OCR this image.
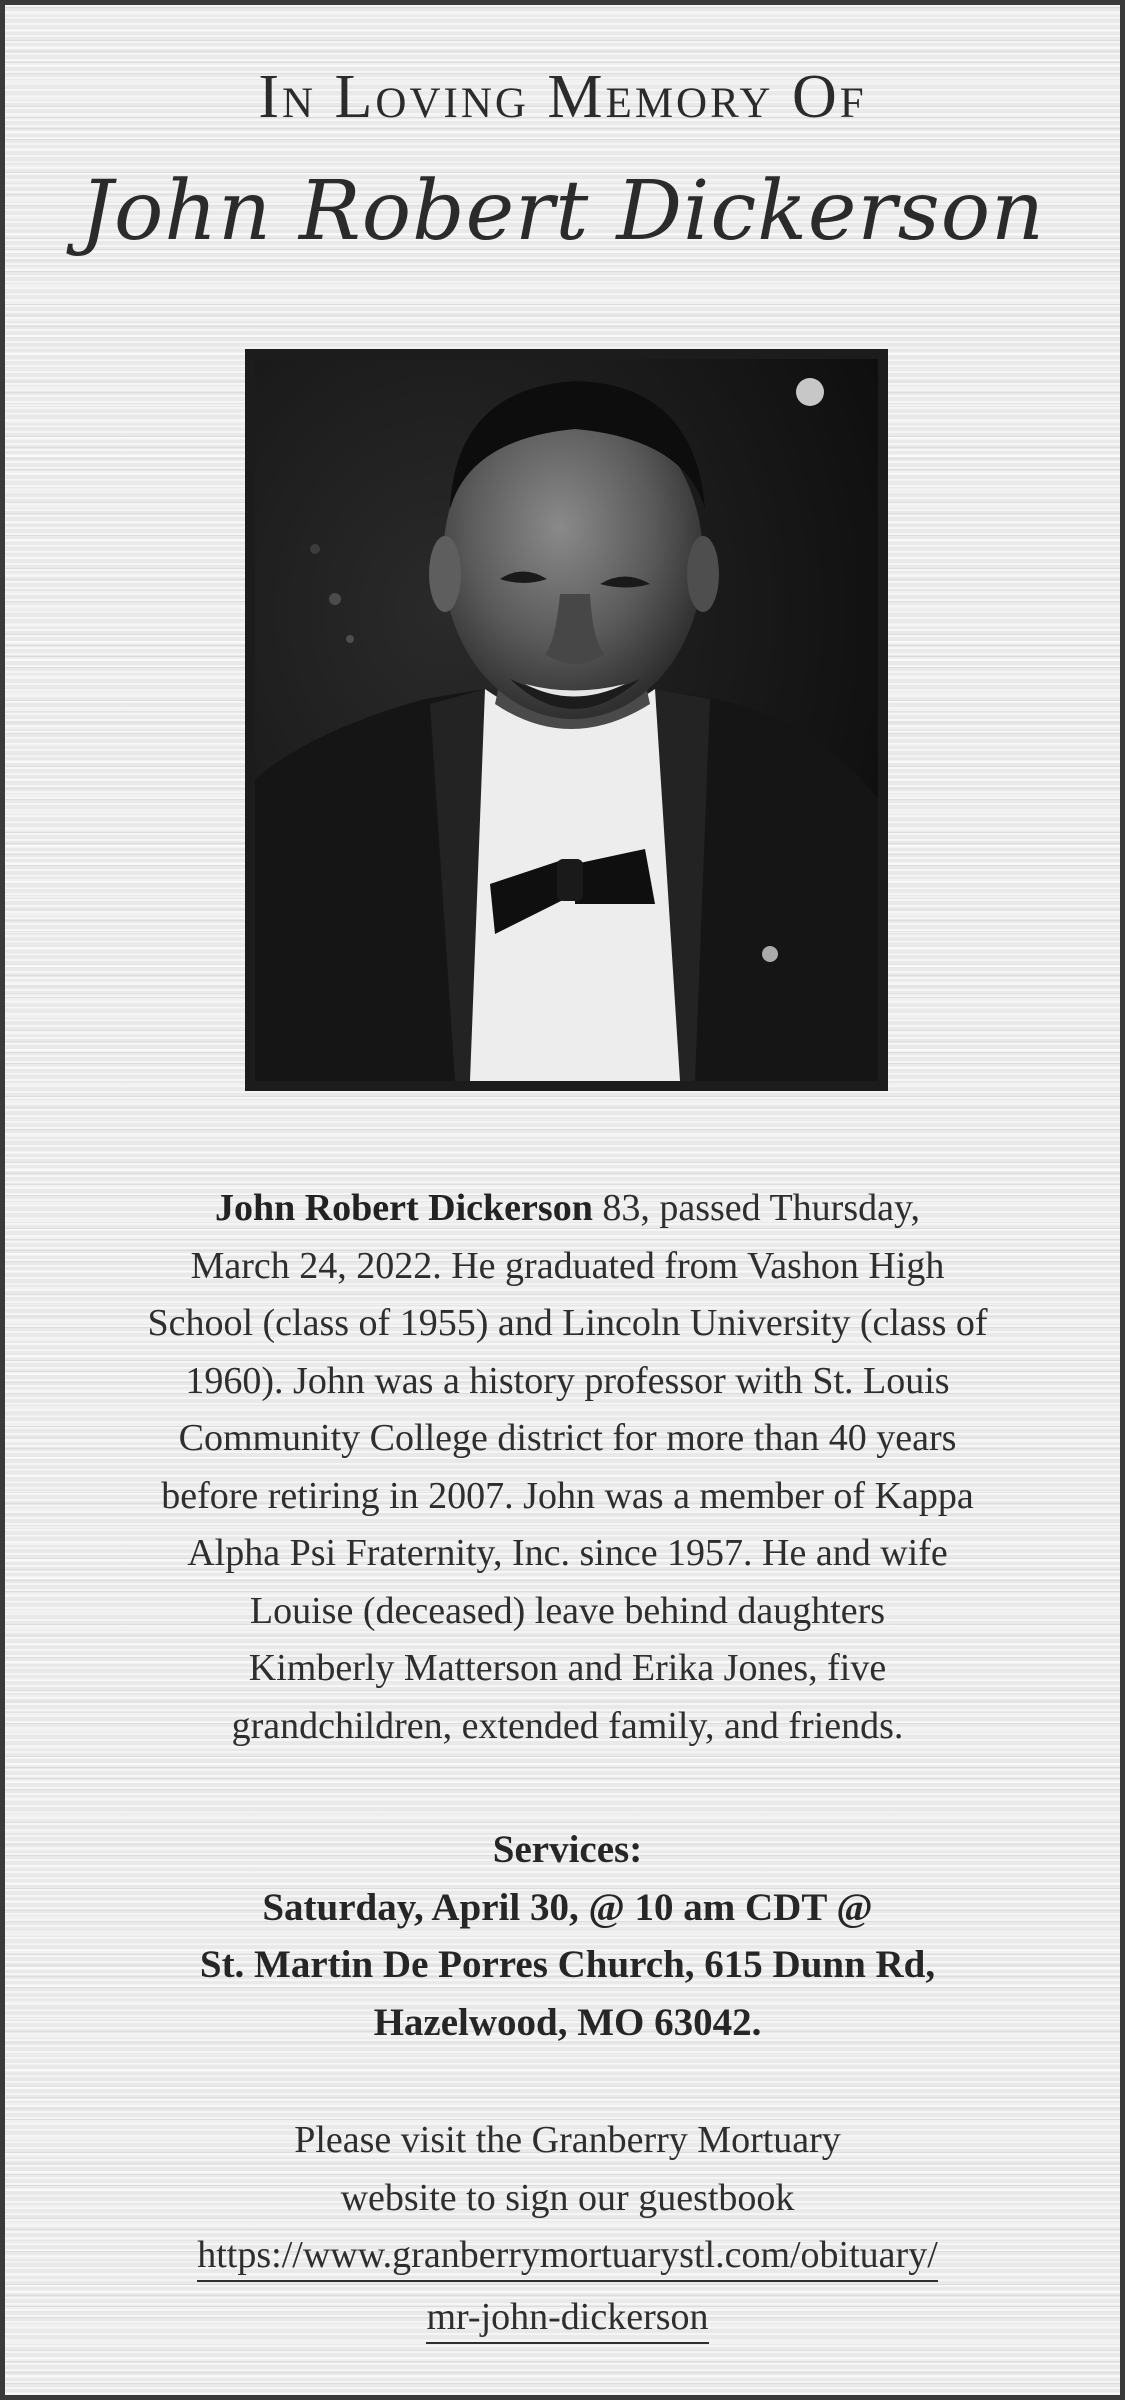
In Loving Memory Of
John Robert Dickerson
John Robert Dickerson 83, passed Thursday,
March 24, 2022. He graduated from Vashon High
School (class of 1955) and Lincoln University (class of
1960). John was a history professor with St. Louis
Community College district for more than 40 years
before retiring in 2007. John was a member of Kappa
Alpha Psi Fraternity, Inc. since 1957. He and wife
Louise (deceased) leave behind daughters
Kimberly Matterson and Erika Jones, five
grandchildren, extended family, and friends.
Services:
Saturday, April 30, @ 10 am CDT @
St. Martin De Porres Church, 615 Dunn Rd,
Hazelwood, MO 63042.
Please visit the Granberry Mortuary
website to sign our guestbook
https://www.granberrymortuarystl.com/obituary/
mr-john-dickerson
